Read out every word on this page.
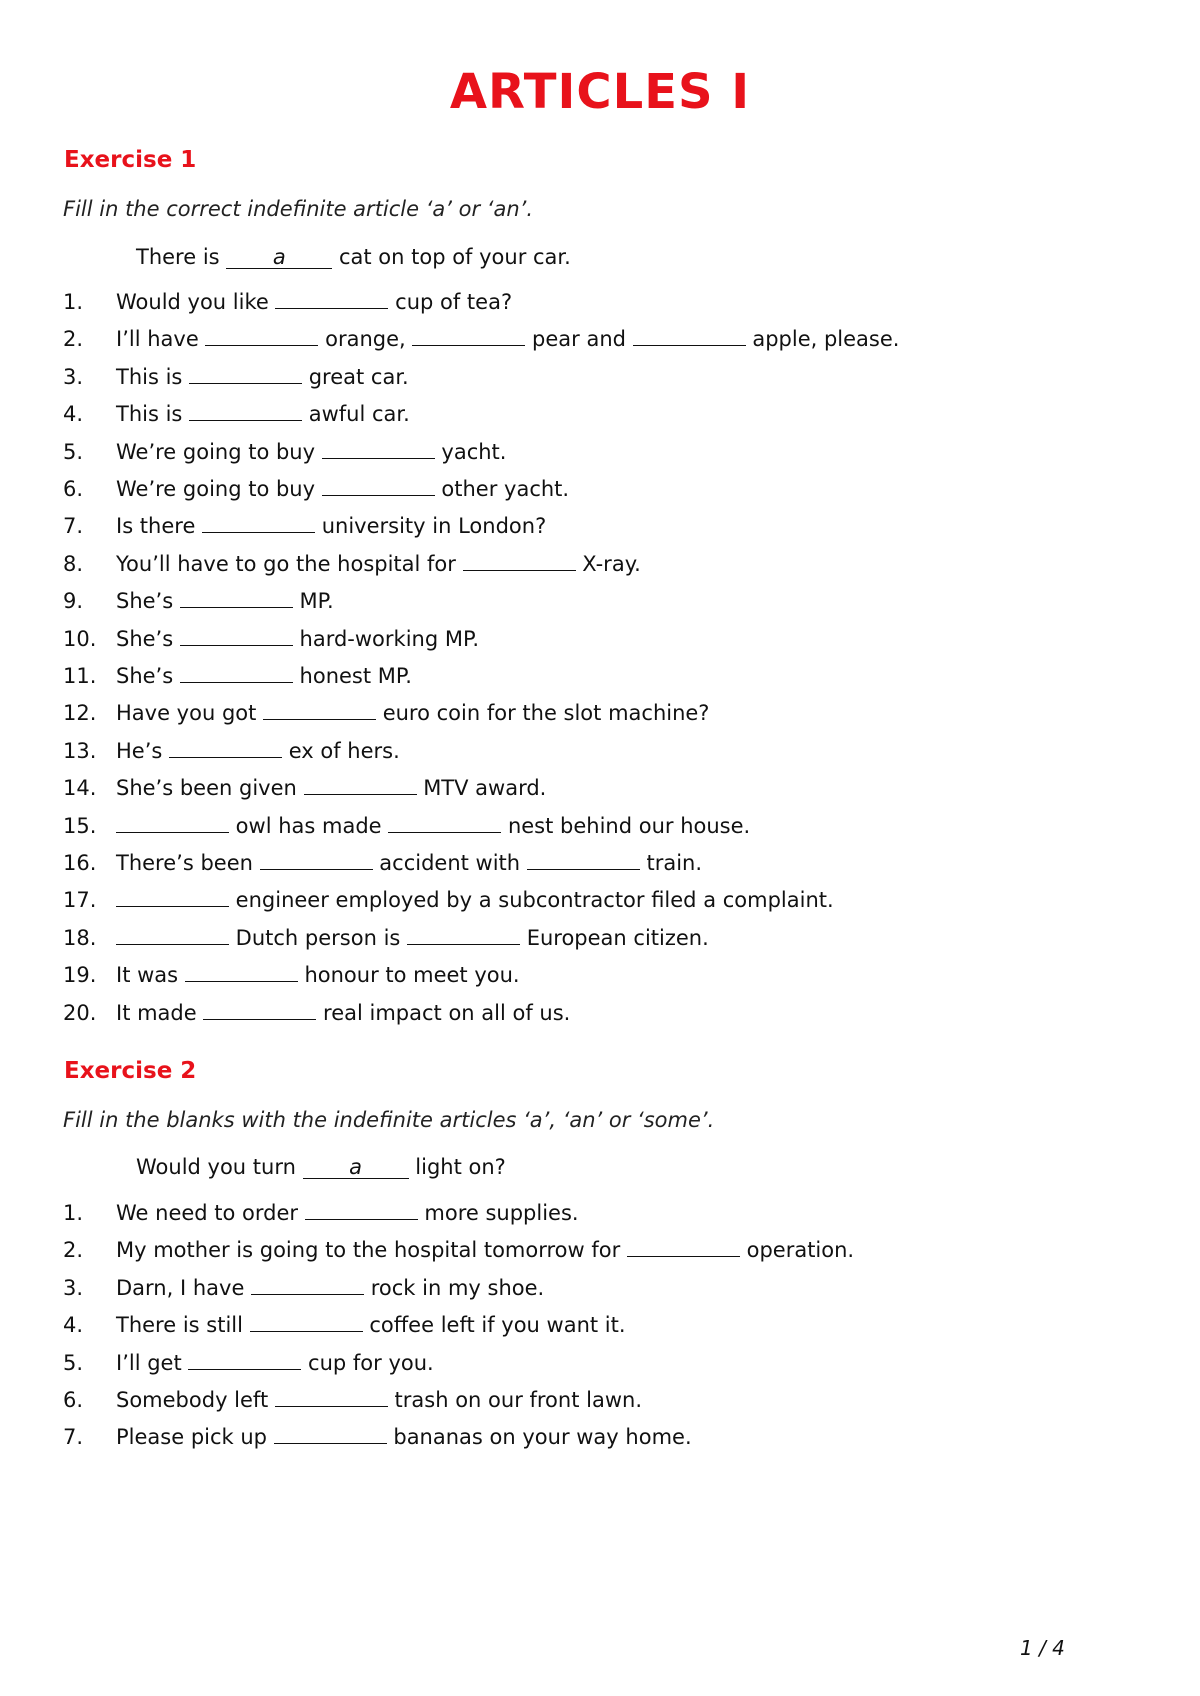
ARTICLES I
Exercise 1
Fill in the correct indefinite article ‘a’ or ‘an’.
There is a cat on top of your car.
1. Would you like	cup of tea?
2. I’ll have	orange,	pear and	apple, please.
3. This is	great car.
4. This is	awful car.
5. We’re going to buy	yacht.
6. We’re going to buy	other yacht.
7. Is there	university in London?
8. You’ll have to go the hospital for	X-ray.
9. She’s	MP.
10. She’s	hard-working MP.
11. She’s	honest MP.
12. Have you got	euro coin for the slot machine?
13. He’s	ex of hers.
14. She’s been given	MTV award.
15.	owl has made	nest behind our house.
16. There’s been	accident with	train.
17.	engineer employed by a subcontractor filed a complaint.
18.	Dutch person is	European citizen.
19. It was	honour to meet you.
20. It made	real impact on all of us.
Exercise 2
Fill in the blanks with the indefinite articles ‘a’, ‘an’ or ‘some’.
Would you turn a light on?
1. We need to order	more supplies.
2. My mother is going to the hospital tomorrow for	operation.
3. Darn, I have	rock in my shoe.
4. There is still	coffee left if you want it.
5. I’ll get	cup for you.
6. Somebody left	trash on our front lawn.
7. Please pick up	bananas on your way home.
1 / 4
